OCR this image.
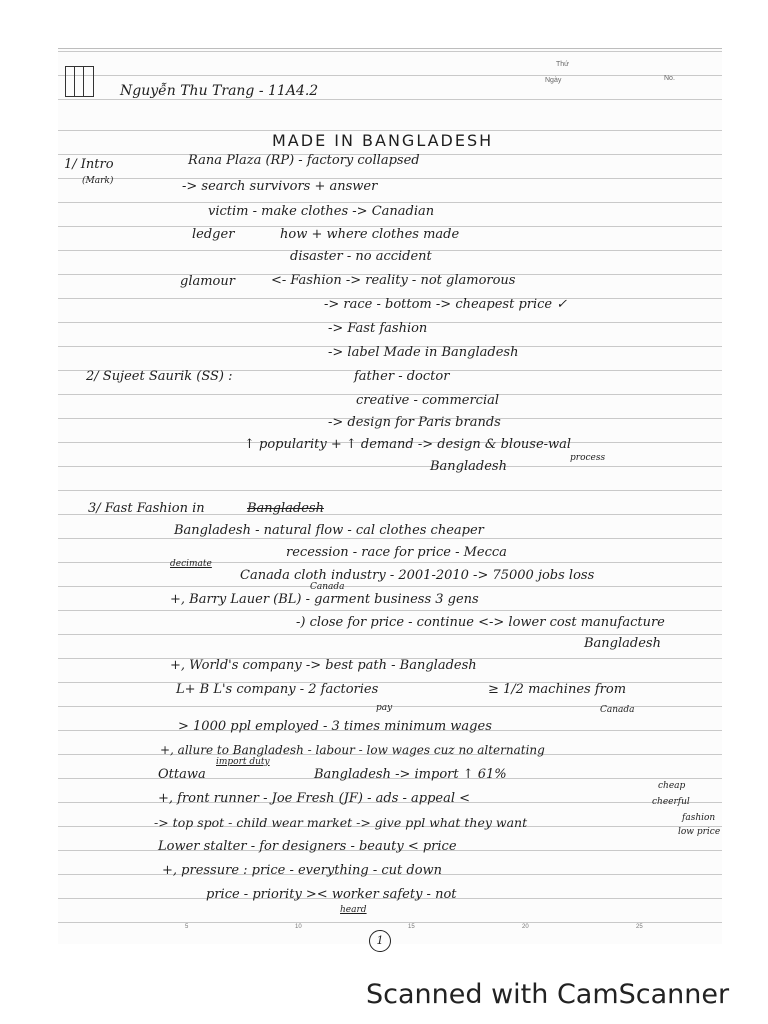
Thứ
Ngày	No.
Nguyễn Thu Trang - 11A4.2
MADE IN BANGLADESH
1/ Intro	Rana Plaza (RP) - factory collapsed
(Mark)	-> search survivors + answer
victim - make clothes -> Canadian
ledger	how + where clothes made
disaster - no accident
glamour	<- Fashion -> reality - not glamorous
-> race - bottom -> cheapest price ✓
-> Fast fashion
-> label Made in Bangladesh
2/ Sujeet Saurik (SS) :	father - doctor
creative - commercial
-> design for Paris brands
↑ popularity + ↑ demand -> design & blouse-wal
Bangladesh
process
3/ Fast Fashion in	Bangladesh
Bangladesh - natural flow - cal clothes cheaper
recession - race for price - Mecca
decimate
Canada cloth industry - 2001-2010 -> 75000 jobs loss
+, Barry Lauer (BL) - garment business 3 gens
Canada
-) close for price - continue <-> lower cost manufacture
Bangladesh
+, World's company -> best path - Bangladesh
L+ B L's company - 2 factories	≥ 1/2 machines from
Canada
pay
> 1000 ppl employed - 3 times minimum wages
+, allure to Bangladesh - labour - low wages cuz no alternating
Ottawa
import duty
Bangladesh -> import ↑ 61%
+, front runner - Joe Fresh (JF) - ads - appeal <
cheap
cheerful
-> top spot - child wear market -> give ppl what they want	fashion
low price
Lower stalter - for designers - beauty < price
+, pressure : price - everything - cut down
price - priority >< worker safety - not
heard
5	10	15	20	25
1
Scanned with CamScanner
